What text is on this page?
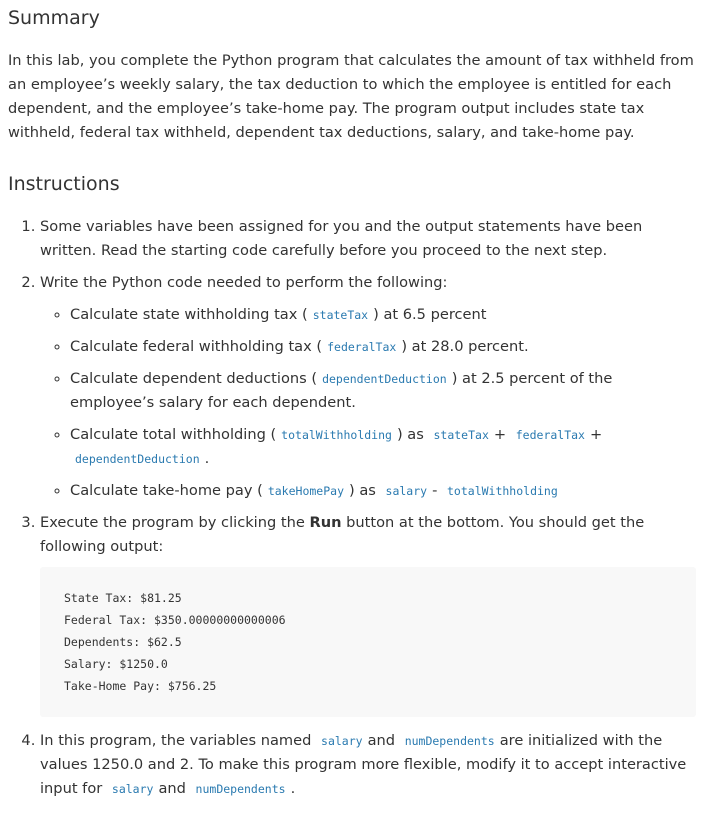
Summary

In this lab, you complete the Python program that calculates the amount of tax withheld from an employee’s weekly salary, the tax deduction to which the employee is entitled for each dependent, and the employee’s take-home pay. The program output includes state tax withheld, federal tax withheld, dependent tax deductions, salary, and take-home pay.

Instructions
1. Some variables have been assigned for you and the output statements have been written. Read the starting code carefully before you proceed to the next step.
2. Write the Python code needed to perform the following:
◦ Calculate state withholding tax ( stateTax ) at 6.5 percent
◦ Calculate federal withholding tax ( federalTax ) at 28.0 percent.
◦ Calculate dependent deductions ( dependentDeduction ) at 2.5 percent of the employee’s salary for each dependent.
◦ Calculate total withholding ( totalWithholding ) as stateTax + federalTax +
dependentDeduction .
◦ Calculate take-home pay ( takeHomePay ) as salary - totalWithholding
3. Execute the program by clicking the Run button at the bottom. You should get the following output:
State Tax: $81.25
Federal Tax: $350.00000000000006
Dependents: $62.5
Salary: $1250.0
Take-Home Pay: $756.25
4. In this program, the variables named salary and numDependents are initialized with the values 1250.0 and 2. To make this program more flexible, modify it to accept interactive input for salary and numDependents .
